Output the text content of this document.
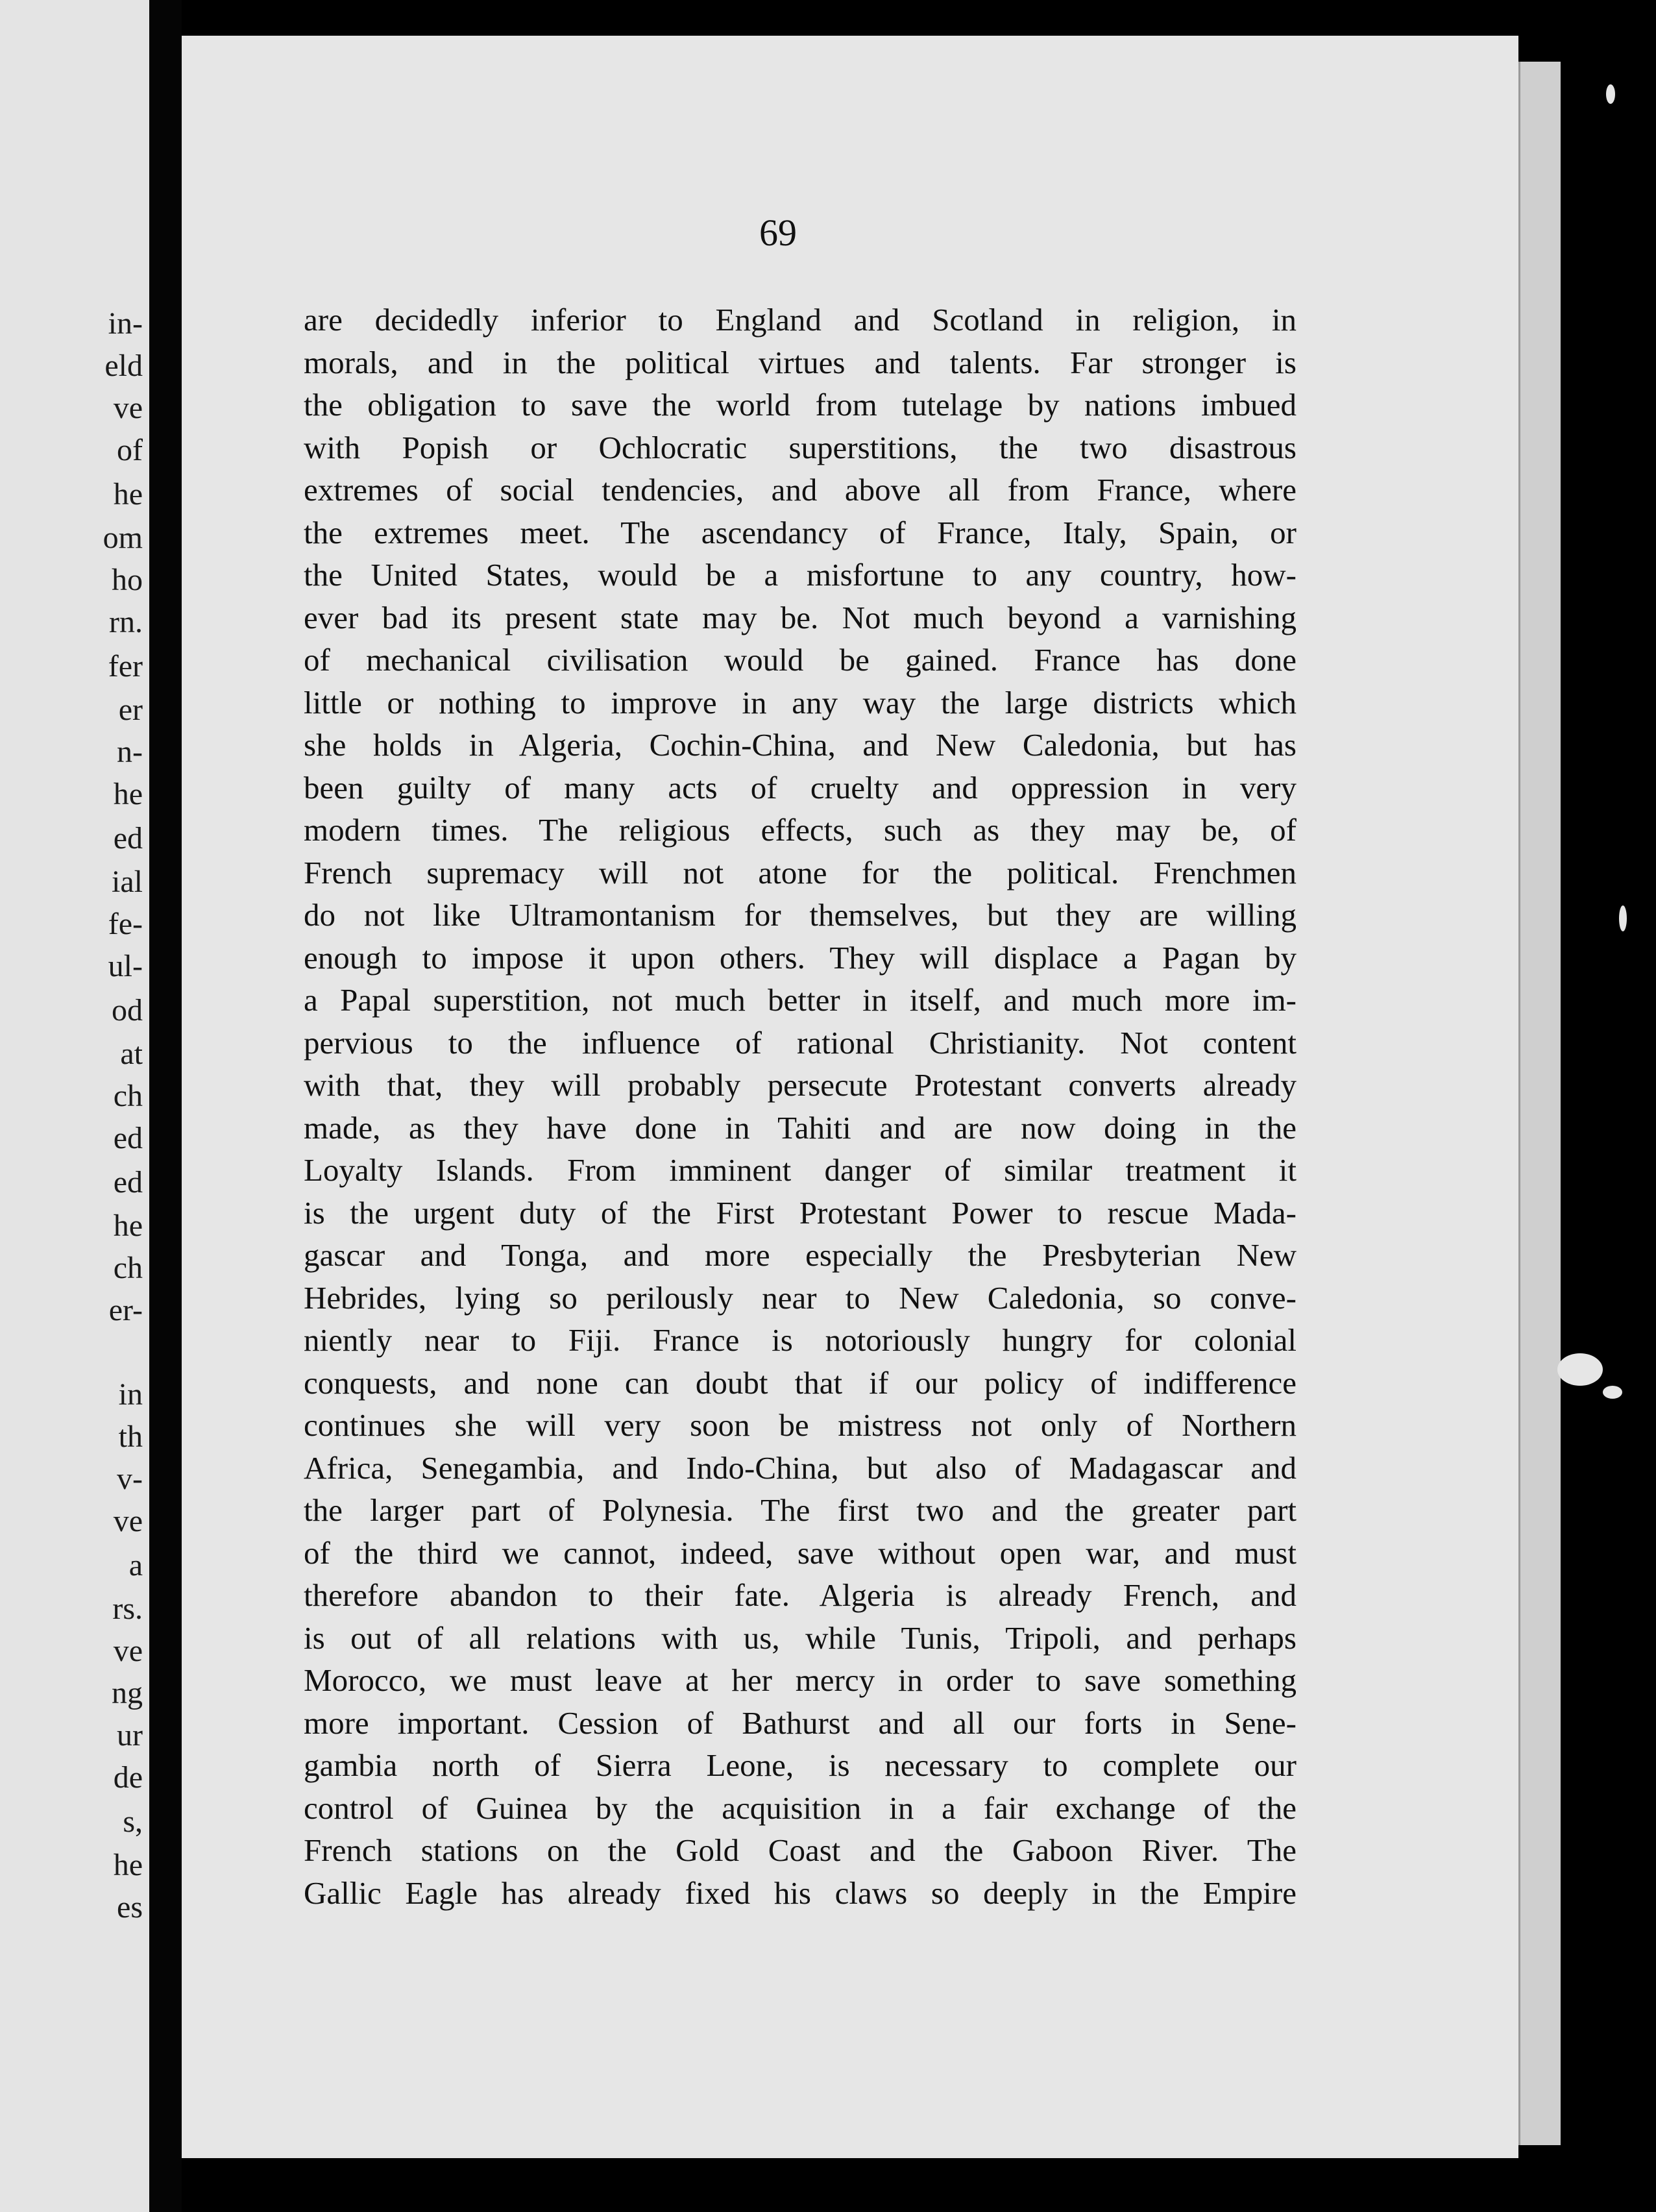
in-
eld
ve
of
he
om
ho
rn.
fer
er
n-
he
ed
ial
fe-
ul-
od
at
ch
ed
ed
he
ch
er-
in
th
v-
ve
a
rs.
ve
ng
ur
de
s,
he
es
69
are decidedly inferior to England and Scotland in religion, in
morals, and in the political virtues and talents. Far stronger is
the obligation to save the world from tutelage by nations imbued
with Popish or Ochlocratic superstitions, the two disastrous
extremes of social tendencies, and above all from France, where
the extremes meet. The ascendancy of France, Italy, Spain, or
the United States, would be a misfortune to any country, how-
ever bad its present state may be. Not much beyond a varnishing
of mechanical civilisation would be gained. France has done
little or nothing to improve in any way the large districts which
she holds in Algeria, Cochin-China, and New Caledonia, but has
been guilty of many acts of cruelty and oppression in very
modern times. The religious effects, such as they may be, of
French supremacy will not atone for the political. Frenchmen
do not like Ultramontanism for themselves, but they are willing
enough to impose it upon others. They will displace a Pagan by
a Papal superstition, not much better in itself, and much more im-
pervious to the influence of rational Christianity. Not content
with that, they will probably persecute Protestant converts already
made, as they have done in Tahiti and are now doing in the
Loyalty Islands. From imminent danger of similar treatment it
is the urgent duty of the First Protestant Power to rescue Mada-
gascar and Tonga, and more especially the Presbyterian New
Hebrides, lying so perilously near to New Caledonia, so conve-
niently near to Fiji. France is notoriously hungry for colonial
conquests, and none can doubt that if our policy of indifference
continues she will very soon be mistress not only of Northern
Africa, Senegambia, and Indo-China, but also of Madagascar and
the larger part of Polynesia. The first two and the greater part
of the third we cannot, indeed, save without open war, and must
therefore abandon to their fate. Algeria is already French, and
is out of all relations with us, while Tunis, Tripoli, and perhaps
Morocco, we must leave at her mercy in order to save something
more important. Cession of Bathurst and all our forts in Sene-
gambia north of Sierra Leone, is necessary to complete our
control of Guinea by the acquisition in a fair exchange of the
French stations on the Gold Coast and the Gaboon River. The
Gallic Eagle has already fixed his claws so deeply in the Empire
